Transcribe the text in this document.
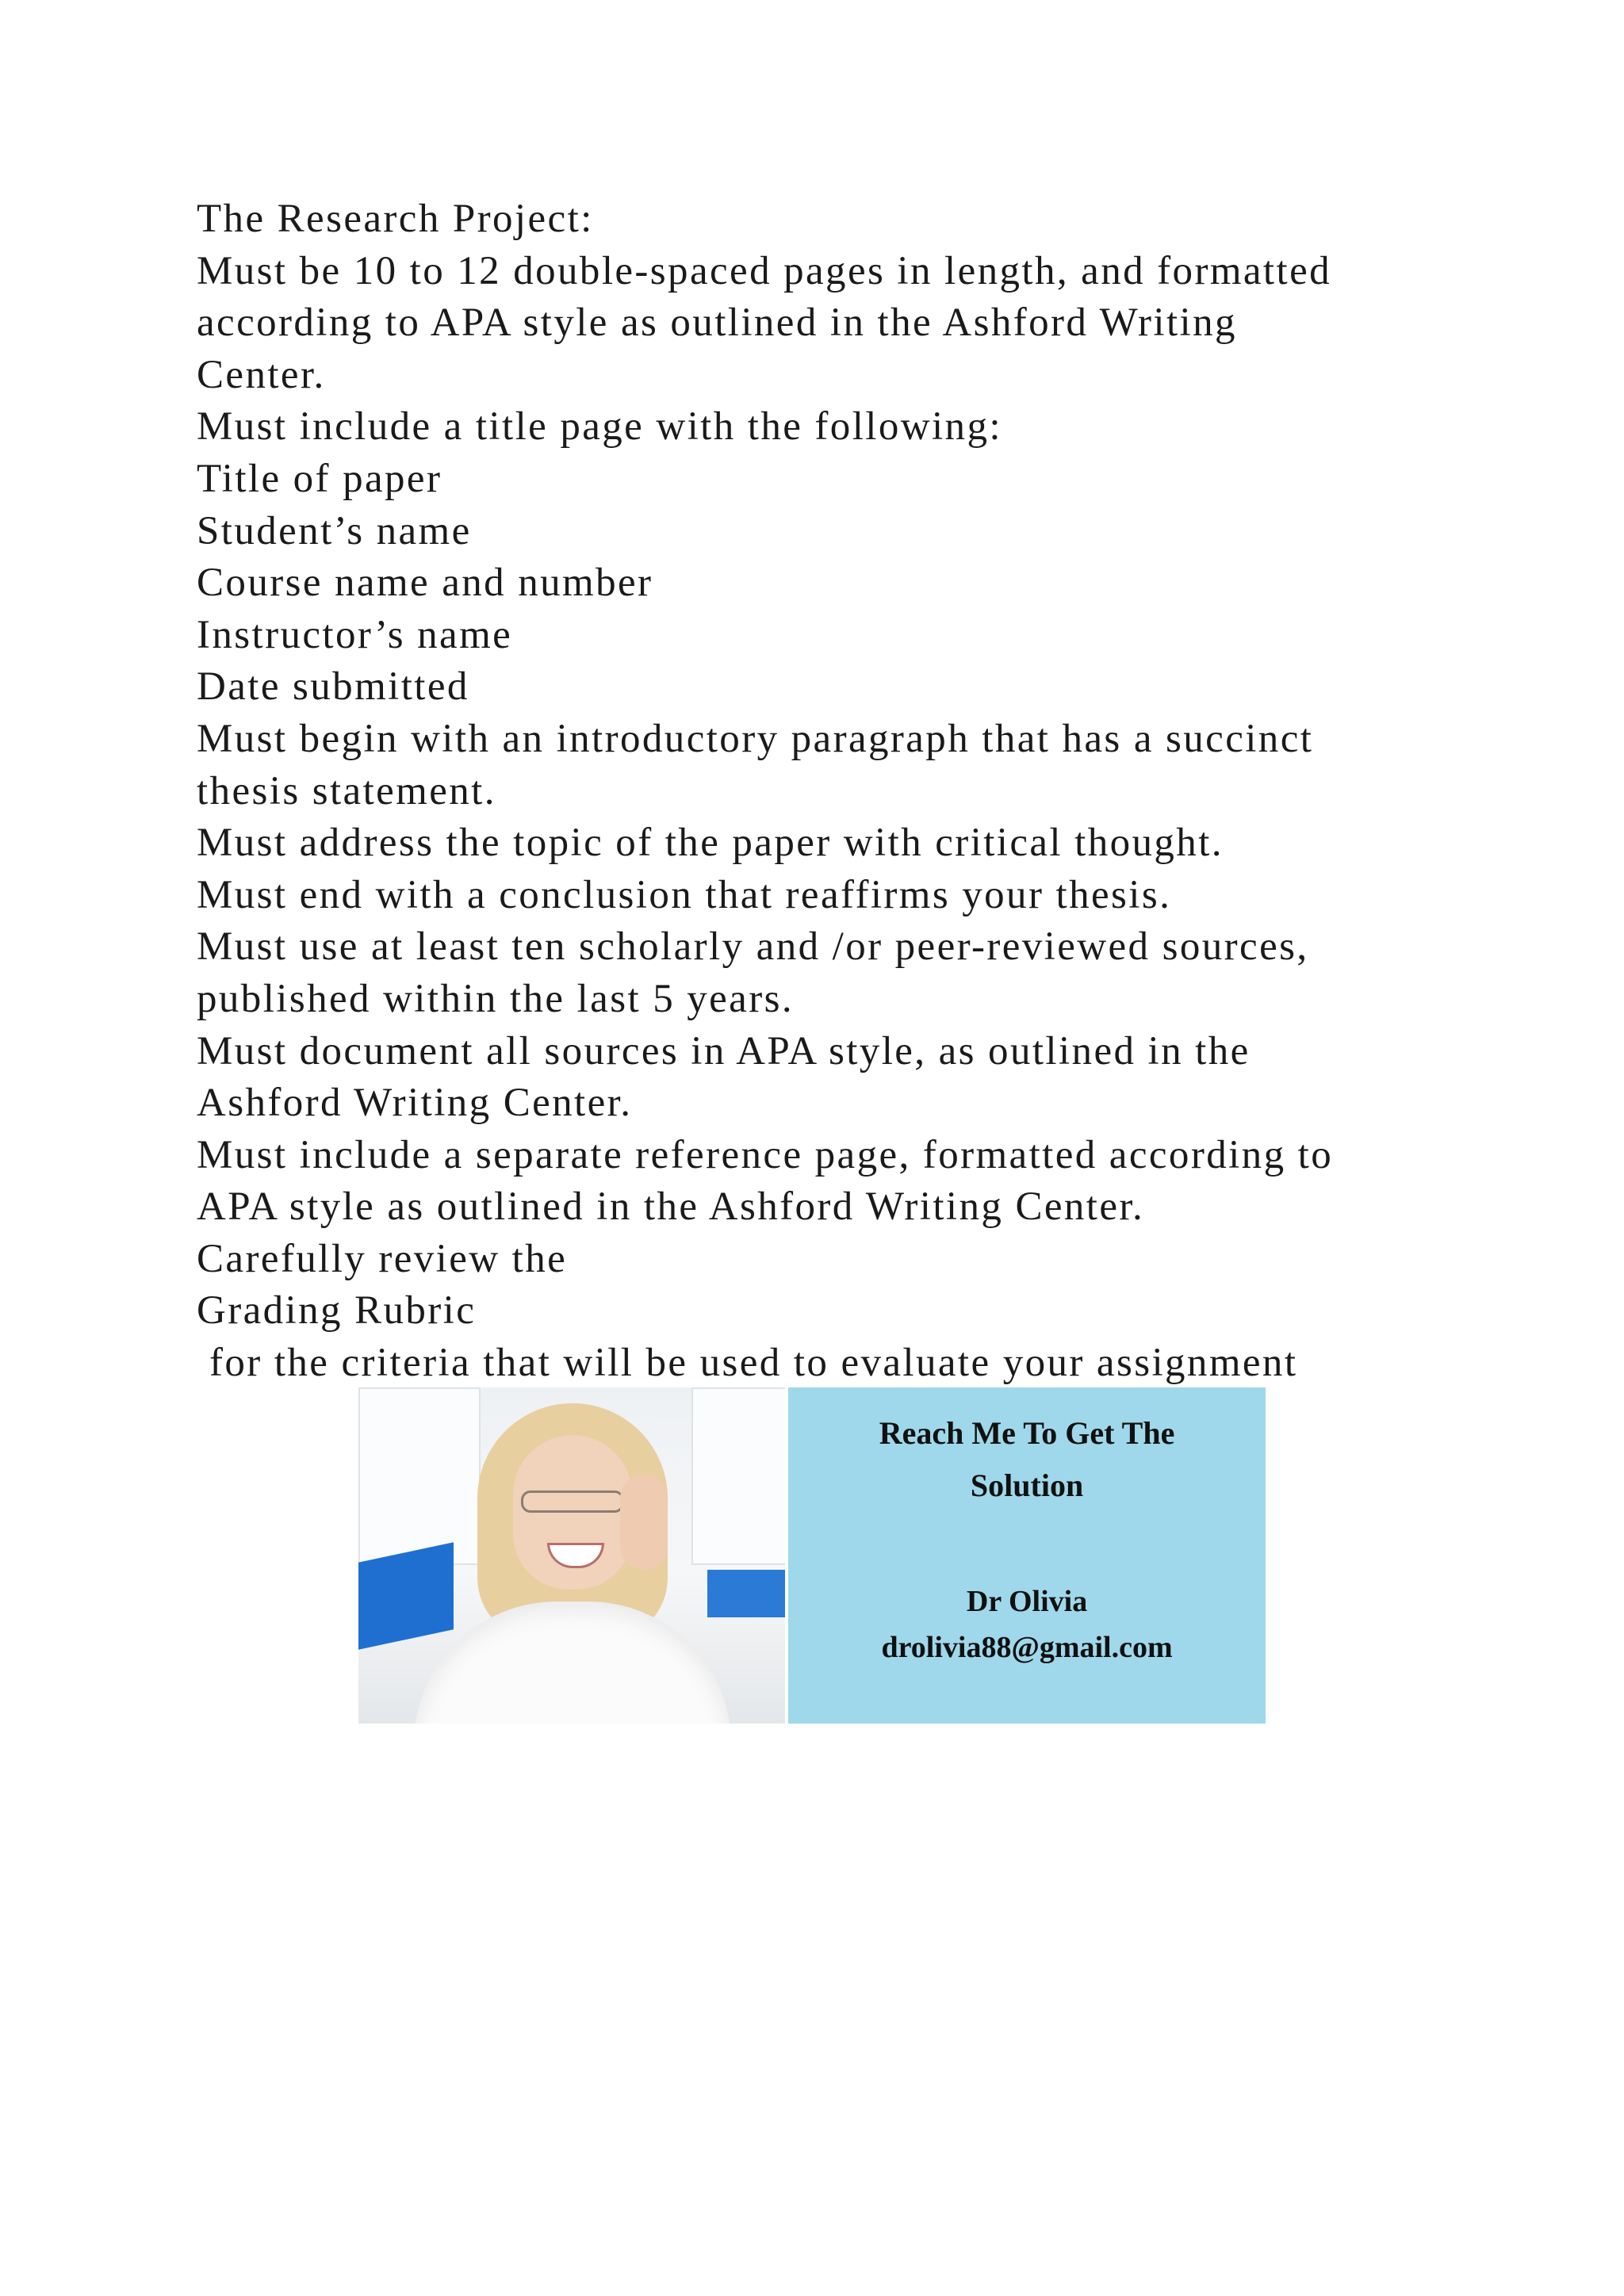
The Research Project:

Must be 10 to 12 double-spaced pages in length, and formatted

according to APA style as outlined in the Ashford Writing

Center.

Must include a title page with the following:

Title of paper

Student’s name

Course name and number

Instructor’s name

Date submitted

Must begin with an introductory paragraph that has a succinct

thesis statement.

Must address the topic of the paper with critical thought.

Must end with a conclusion that reaffirms your thesis.

Must use at least ten scholarly and /or peer-reviewed sources,

published within the last 5 years.

Must document all sources in APA style, as outlined in the

Ashford Writing Center.

Must include a separate reference page, formatted according to

APA style as outlined in the Ashford Writing Center.

Carefully review the

Grading Rubric

for the criteria that will be used to evaluate your assignment

Reach Me To Get The
Solution
Dr Olivia
drolivia88@gmail.com
